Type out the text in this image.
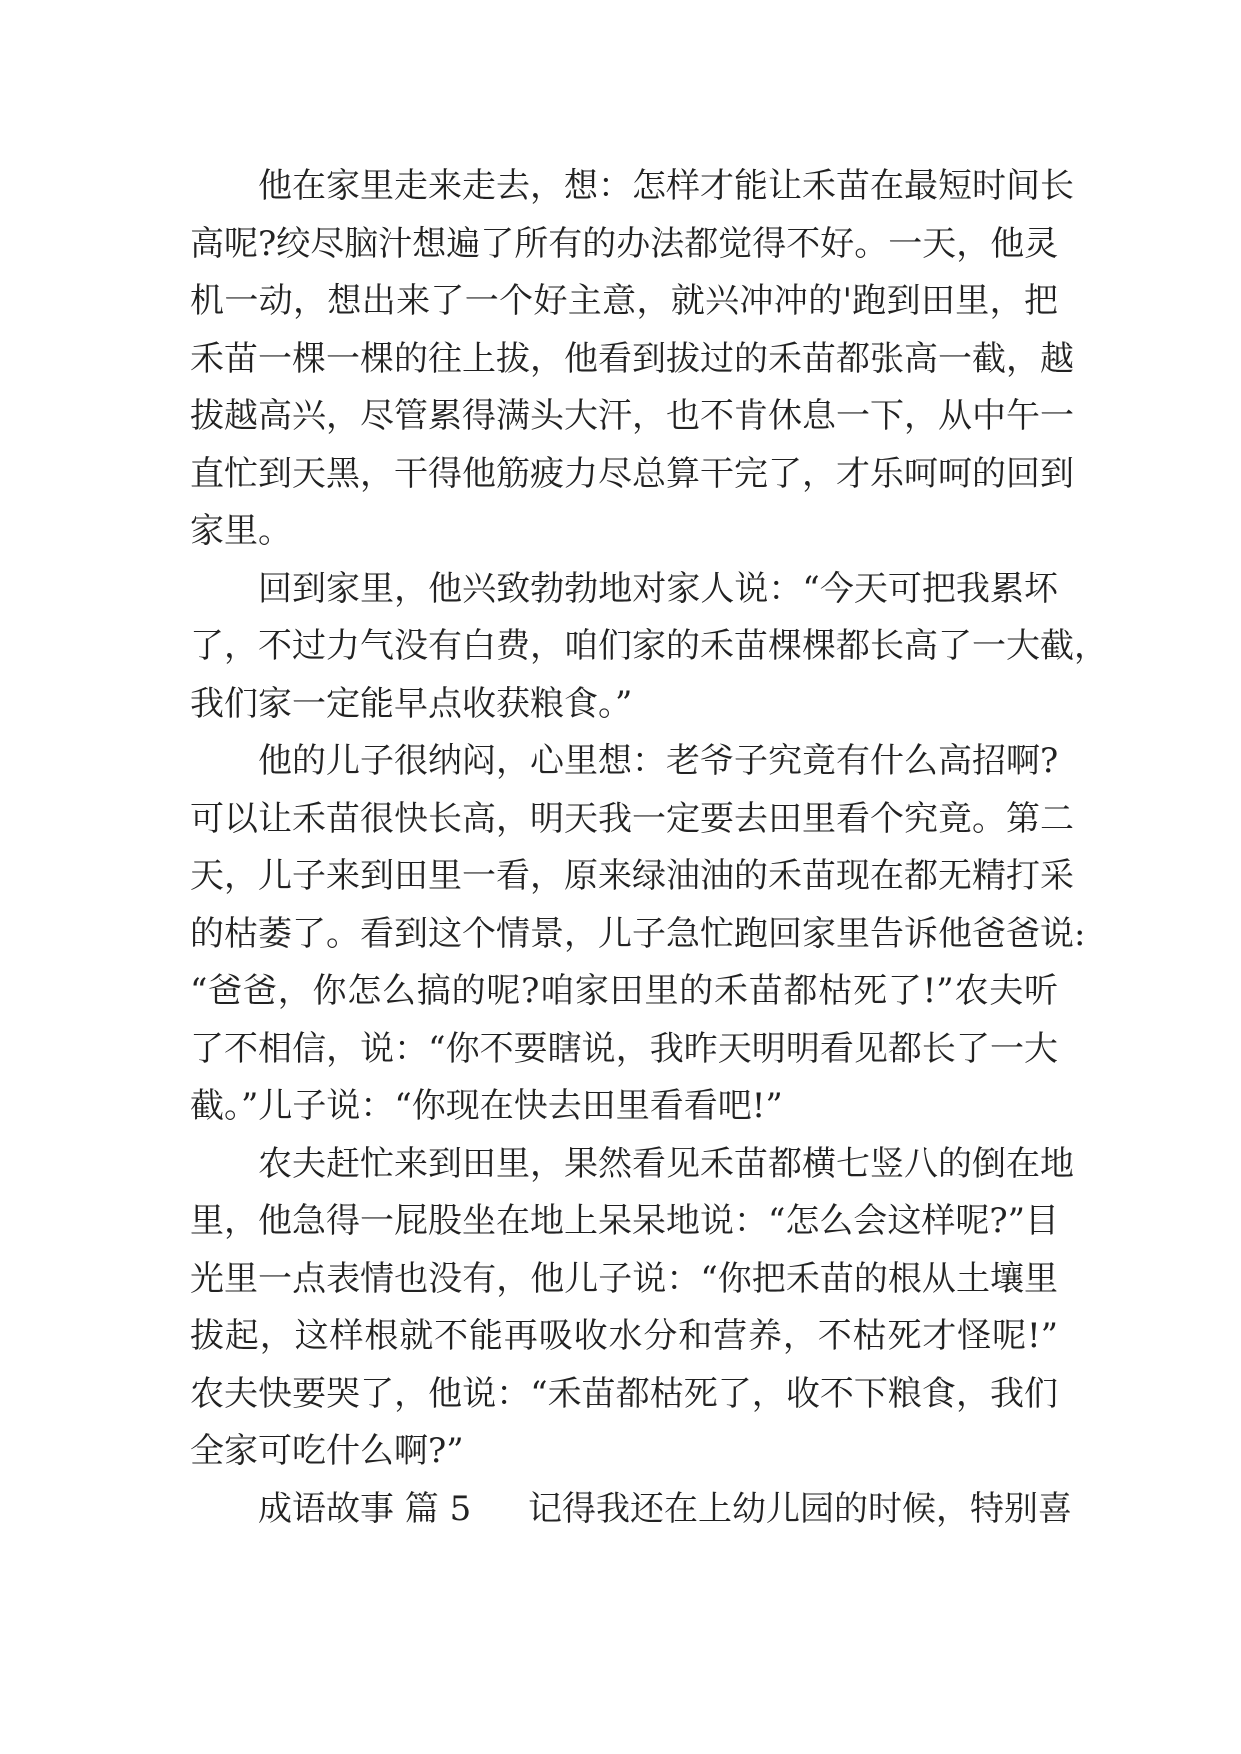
他在家里走来走去，想：怎样才能让禾苗在最短时间长
高呢?绞尽脑汁想遍了所有的办法都觉得不好。一天，他灵
机一动，想出来了一个好主意，就兴冲冲的'跑到田里，把
禾苗一棵一棵的往上拔，他看到拔过的禾苗都张高一截，越
拔越高兴，尽管累得满头大汗，也不肯休息一下，从中午一
直忙到天黑，干得他筋疲力尽总算干完了，才乐呵呵的回到
家里。
回到家里，他兴致勃勃地对家人说：“今天可把我累坏
了，不过力气没有白费，咱们家的禾苗棵棵都长高了一大截，
我们家一定能早点收获粮食。”
他的儿子很纳闷，心里想：老爷子究竟有什么高招啊?
可以让禾苗很快长高，明天我一定要去田里看个究竟。第二
天，儿子来到田里一看，原来绿油油的禾苗现在都无精打采
的枯萎了。看到这个情景，儿子急忙跑回家里告诉他爸爸说:
“爸爸，你怎么搞的呢?咱家田里的禾苗都枯死了!”农夫听
了不相信，说：“你不要瞎说，我昨天明明看见都长了一大
截。”儿子说：“你现在快去田里看看吧!”
农夫赶忙来到田里，果然看见禾苗都横七竖八的倒在地
里，他急得一屁股坐在地上呆呆地说：“怎么会这样呢?”目
光里一点表情也没有，他儿子说：“你把禾苗的根从土壤里
拔起，这样根就不能再吸收水分和营养，不枯死才怪呢!”
农夫快要哭了，他说：“禾苗都枯死了，收不下粮食，我们
全家可吃什么啊?”
成语故事 篇 5 记得我还在上幼儿园的时候，特别喜
